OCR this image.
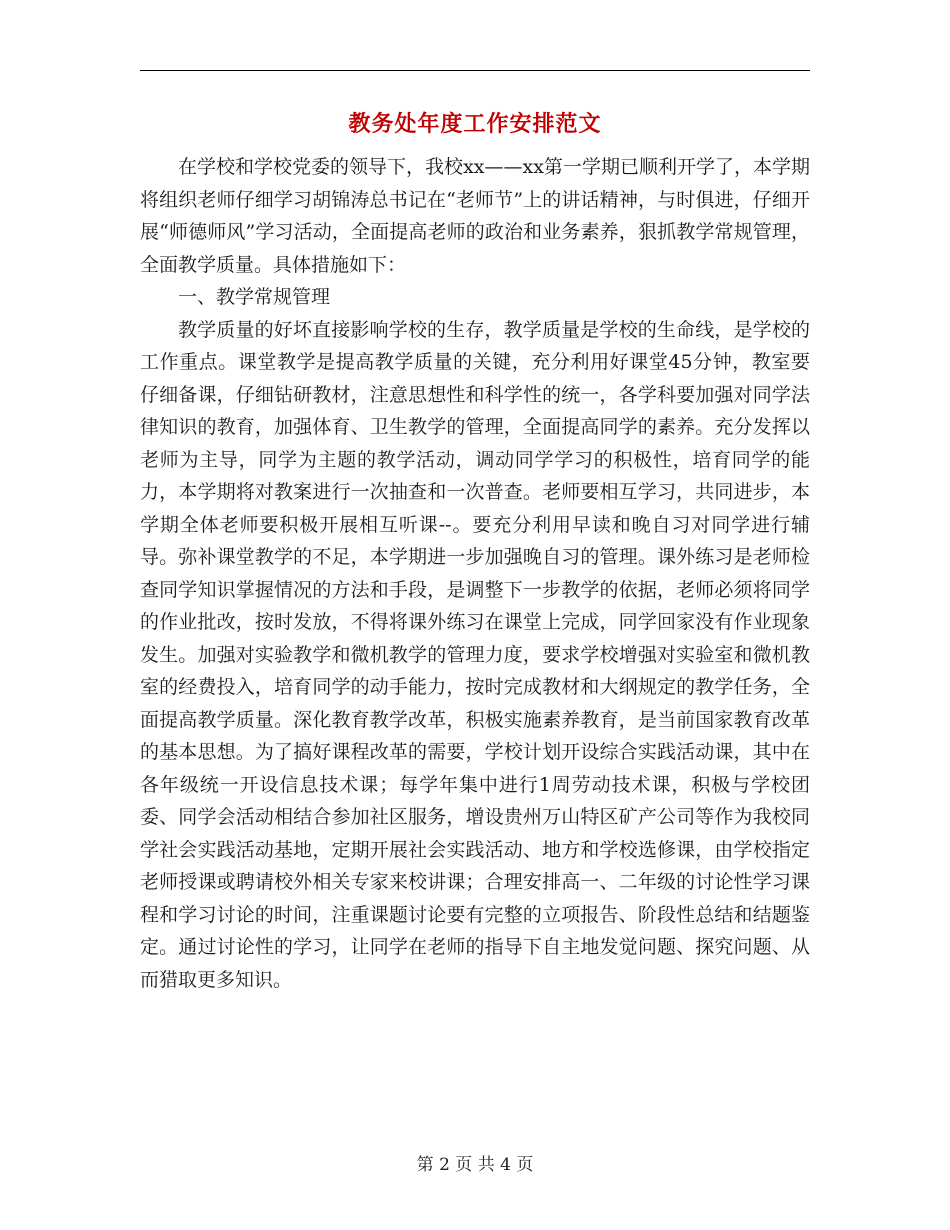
教务处年度工作安排范文

在学校和学校党委的领导下，我校xx——xx第一学期已顺利开学了，本学期将组织老师仔细学习胡锦涛总书记在“老师节”上的讲话精神，与时俱进，仔细开展“师德师风”学习活动，全面提高老师的政治和业务素养，狠抓教学常规管理，全面教学质量。具体措施如下：

一、教学常规管理

教学质量的好坏直接影响学校的生存，教学质量是学校的生命线，是学校的工作重点。课堂教学是提高教学质量的关键，充分利用好课堂45分钟，教室要仔细备课，仔细钻研教材，注意思想性和科学性的统一，各学科要加强对同学法律知识的教育，加强体育、卫生教学的管理，全面提高同学的素养。充分发挥以老师为主导，同学为主题的教学活动，调动同学学习的积极性，培育同学的能力，本学期将对教案进行一次抽查和一次普查。老师要相互学习，共同进步，本学期全体老师要积极开展相互听课--。要充分利用早读和晚自习对同学进行辅导。弥补课堂教学的不足，本学期进一步加强晚自习的管理。课外练习是老师检查同学知识掌握情况的方法和手段，是调整下一步教学的依据，老师必须将同学的作业批改，按时发放，不得将课外练习在课堂上完成，同学回家没有作业现象发生。加强对实验教学和微机教学的管理力度，要求学校增强对实验室和微机教室的经费投入，培育同学的动手能力，按时完成教材和大纲规定的教学任务，全面提高教学质量。深化教育教学改革，积极实施素养教育，是当前国家教育改革的基本思想。为了搞好课程改革的需要，学校计划开设综合实践活动课，其中在各年级统一开设信息技术课；每学年集中进行1周劳动技术课，积极与学校团委、同学会活动相结合参加社区服务，增设贵州万山特区矿产公司等作为我校同学社会实践活动基地，定期开展社会实践活动、地方和学校选修课，由学校指定老师授课或聘请校外相关专家来校讲课；合理安排高一、二年级的讨论性学习课程和学习讨论的时间，注重课题讨论要有完整的立项报告、阶段性总结和结题鉴定。通过讨论性的学习，让同学在老师的指导下自主地发觉问题、探究问题、从而猎取更多知识。

第 2 页 共 4 页
